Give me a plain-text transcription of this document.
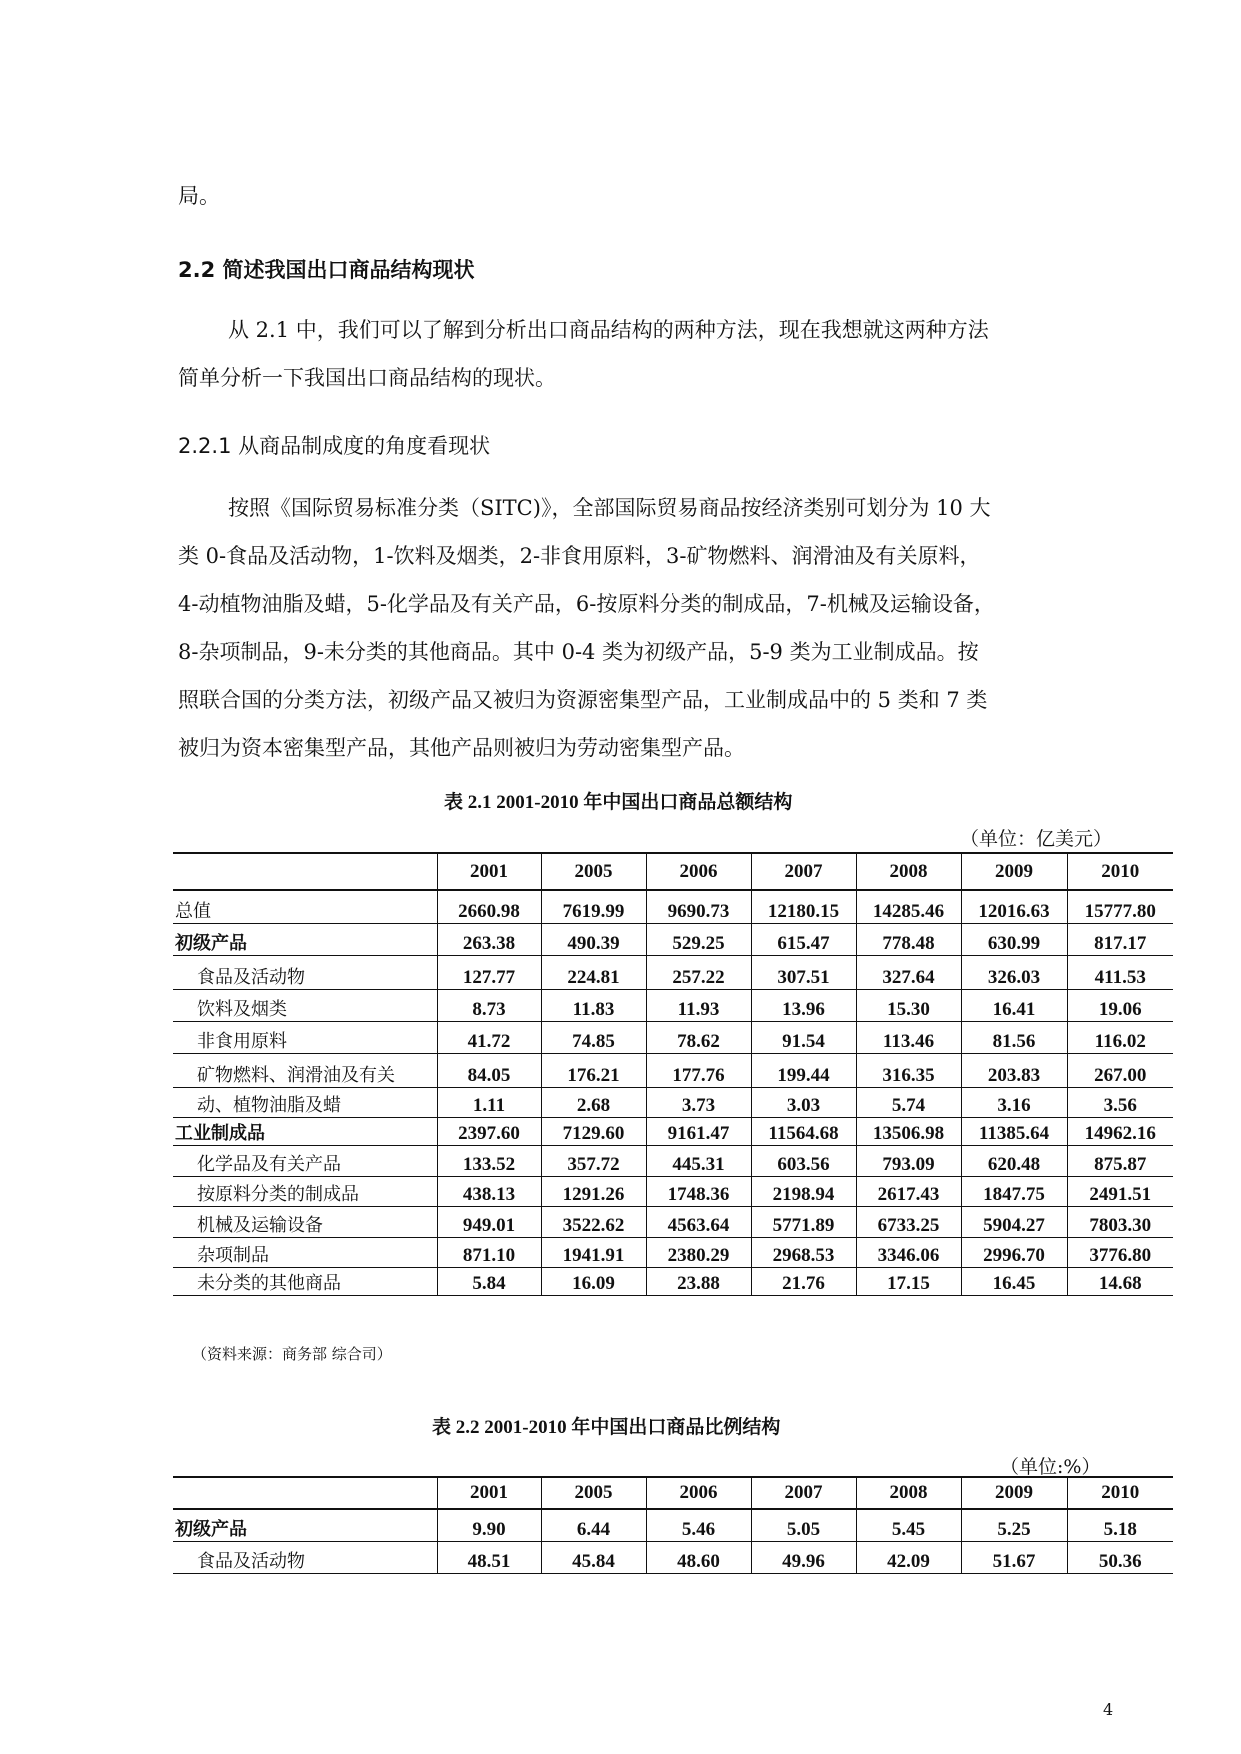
局。
2.2 简述我国出口商品结构现状
从 2.1 中，我们可以了解到分析出口商品结构的两种方法，现在我想就这两种方法
简单分析一下我国出口商品结构的现状。
2.2.1 从商品制成度的角度看现状
按照《国际贸易标准分类（SITC)》，全部国际贸易商品按经济类别可划分为 10 大
类 0-食品及活动物，1-饮料及烟类，2-非食用原料，3-矿物燃料、润滑油及有关原料，
4-动植物油脂及蜡，5-化学品及有关产品，6-按原料分类的制成品，7-机械及运输设备，
8-杂项制品，9-未分类的其他商品。其中 0-4 类为初级产品，5-9 类为工业制成品。按
照联合国的分类方法，初级产品又被归为资源密集型产品，工业制成品中的 5 类和 7 类
被归为资本密集型产品，其他产品则被归为劳动密集型产品。
表 2.1 2001-2010 年中国出口商品总额结构
（单位：亿美元）
	2001	2005	2006	2007	2008	2009	2010
总值	2660.98	7619.99	9690.73	12180.15	14285.46	12016.63	15777.80
初级产品	263.38	490.39	529.25	615.47	778.48	630.99	817.17
食品及活动物	127.77	224.81	257.22	307.51	327.64	326.03	411.53
饮料及烟类	8.73	11.83	11.93	13.96	15.30	16.41	19.06
非食用原料	41.72	74.85	78.62	91.54	113.46	81.56	116.02
矿物燃料、润滑油及有关	84.05	176.21	177.76	199.44	316.35	203.83	267.00
动、植物油脂及蜡	1.11	2.68	3.73	3.03	5.74	3.16	3.56
工业制成品	2397.60	7129.60	9161.47	11564.68	13506.98	11385.64	14962.16
化学品及有关产品	133.52	357.72	445.31	603.56	793.09	620.48	875.87
按原料分类的制成品	438.13	1291.26	1748.36	2198.94	2617.43	1847.75	2491.51
机械及运输设备	949.01	3522.62	4563.64	5771.89	6733.25	5904.27	7803.30
杂项制品	871.10	1941.91	2380.29	2968.53	3346.06	2996.70	3776.80
未分类的其他商品	5.84	16.09	23.88	21.76	17.15	16.45	14.68
（资料来源：商务部 综合司）
表 2.2 2001-2010 年中国出口商品比例结构
（单位:%）
	2001	2005	2006	2007	2008	2009	2010
初级产品	9.90	6.44	5.46	5.05	5.45	5.25	5.18
食品及活动物	48.51	45.84	48.60	49.96	42.09	51.67	50.36
4
